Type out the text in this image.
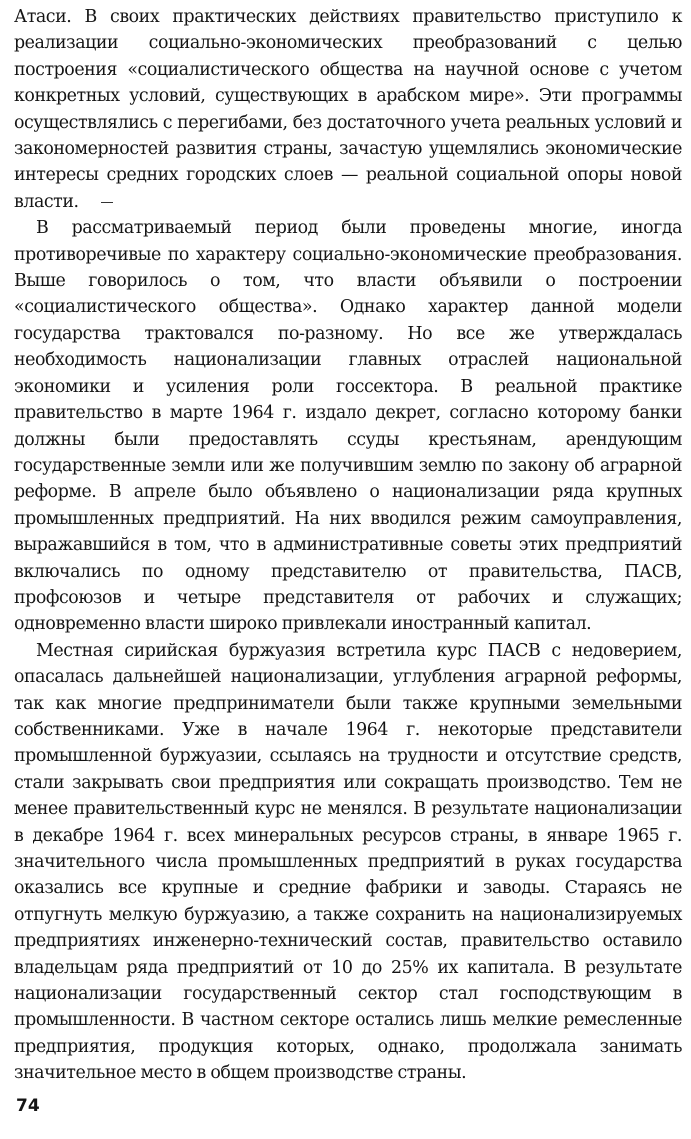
Атаси. В своих практических действиях правительство приступило к реализации социально-экономических преобразований с целью построения «социалистического общества на научной основе с учетом конкретных условий, существующих в арабском мире». Эти программы осуществлялись с перегибами, без достаточного учета реальных условий и закономерностей развития страны, зачастую ущемлялись экономические интересы средних городских слоев — реальной социальной опоры новой власти.

В рассматриваемый период были проведены многие, иногда противоречивые по характеру социально-экономические преобразования. Выше говорилось о том, что власти объявили о построении «социалистического общества». Однако характер данной модели государства трактовался по-разному. Но все же утверждалась необходимость национализации главных отраслей национальной экономики и усиления роли госсектора. В реальной практике правительство в марте 1964 г. издало декрет, согласно которому банки должны были предоставлять ссуды крестьянам, арендующим государственные земли или же получившим землю по закону об аграрной реформе. В апреле было объявлено о национализации ряда крупных промышленных предприятий. На них вводился режим самоуправления, выражавшийся в том, что в административные советы этих предприятий включались по одному представителю от правительства, ПАСВ, профсоюзов и четыре представителя от рабочих и служащих; одновременно власти широко привлекали иностранный капитал.

Местная сирийская буржуазия встретила курс ПАСВ с недоверием, опасалась дальнейшей национализации, углубления аграрной реформы, так как многие предприниматели были также крупными земельными собственниками. Уже в начале 1964 г. некоторые представители промышленной буржуазии, ссылаясь на трудности и отсутствие средств, стали закрывать свои предприятия или сокращать производство. Тем не менее правительственный курс не менялся. В результате национализации в декабре 1964 г. всех минеральных ресурсов страны, в январе 1965 г. значительного числа промышленных предприятий в руках государства оказались все крупные и средние фабрики и заводы. Стараясь не отпугнуть мелкую буржуазию, а также сохранить на национализируемых предприятиях инженерно-технический состав, правительство оставило владельцам ряда предприятий от 10 до 25% их капитала. В результате национализации государственный сектор стал господствующим в промышленности. В частном секторе остались лишь мелкие ремесленные предприятия, продукция которых, однако, продолжала занимать значительное место в общем производстве страны.

74
